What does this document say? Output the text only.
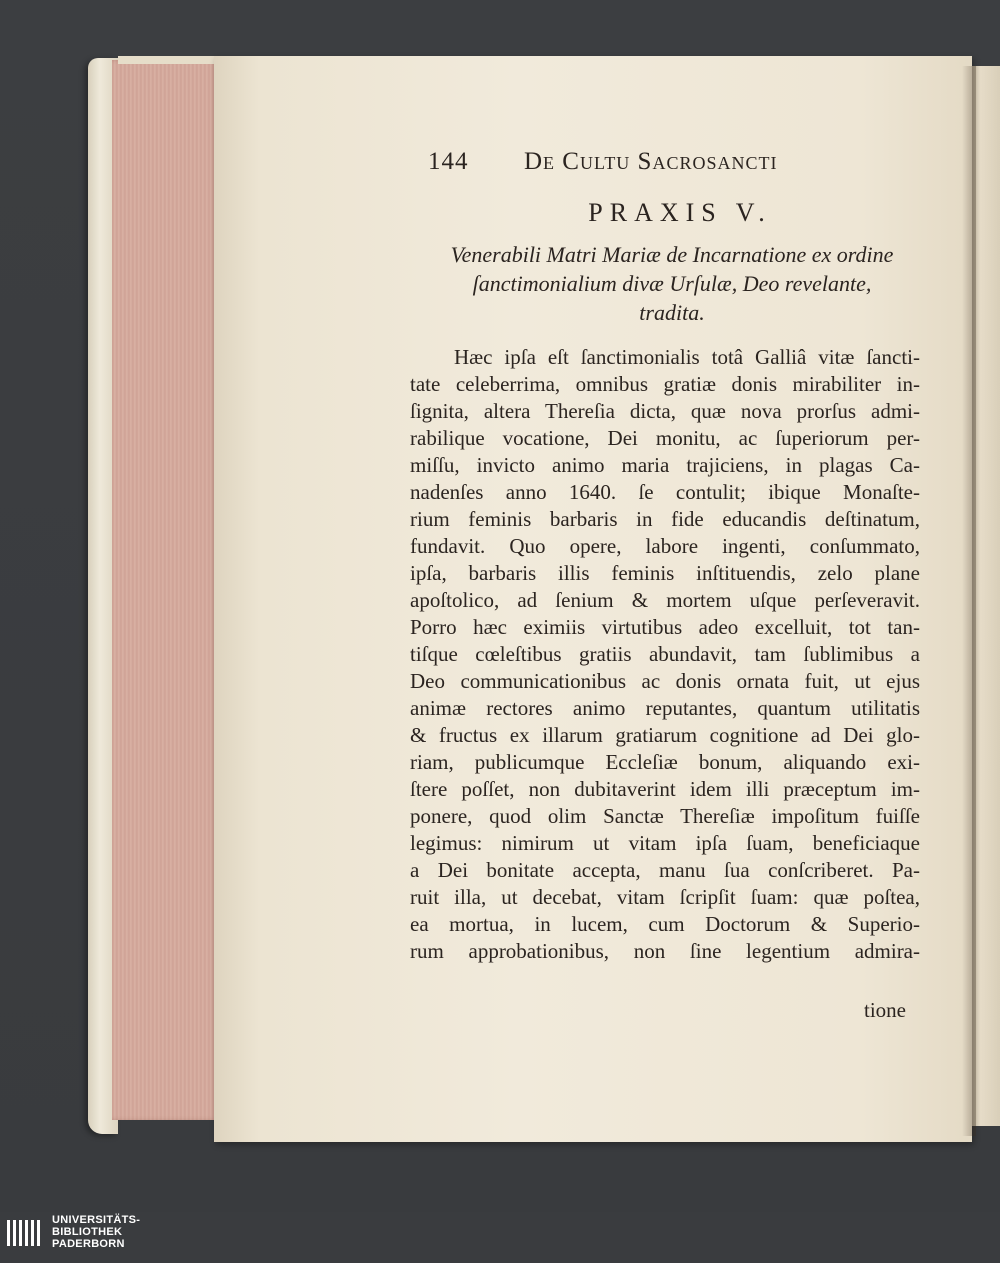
144 De Cultu Sacrosancti
PRAXIS V.
Venerabili Matri Mariæ de Incarnatione ex ordine
ſanctimonialium divæ Urſulæ, Deo revelante,
tradita.
Hæc ipſa eſt ſanctimonialis totâ Galliâ vitæ ſancti-
tate celeberrima, omnibus gratiæ donis mirabiliter in-
ſignita, altera Thereſia dicta, quæ nova prorſus admi-
rabilique vocatione, Dei monitu, ac ſuperiorum per-
miſſu, invicto animo maria trajiciens, in plagas Ca-
nadenſes anno 1640. ſe contulit; ibique Monaſte-
rium feminis barbaris in fide educandis deſtinatum,
fundavit. Quo opere, labore ingenti, conſummato,
ipſa, barbaris illis feminis inſtituendis, zelo plane
apoſtolico, ad ſenium & mortem uſque perſeveravit.
Porro hæc eximiis virtutibus adeo excelluit, tot tan-
tiſque cœleſtibus gratiis abundavit, tam ſublimibus a
Deo communicationibus ac donis ornata fuit, ut ejus
animæ rectores animo reputantes, quantum utilitatis
& fructus ex illarum gratiarum cognitione ad Dei glo-
riam, publicumque Eccleſiæ bonum, aliquando exi-
ſtere poſſet, non dubitaverint idem illi præceptum im-
ponere, quod olim Sanctæ Thereſiæ impoſitum fuiſſe
legimus: nimirum ut vitam ipſa ſuam, beneficiaque
a Dei bonitate accepta, manu ſua conſcriberet. Pa-
ruit illa, ut decebat, vitam ſcripſit ſuam: quæ poſtea,
ea mortua, in lucem, cum Doctorum & Superio-
rum approbationibus, non ſine legentium admira-
tione
UNIVERSITÄTS-
BIBLIOTHEK
PADERBORN
